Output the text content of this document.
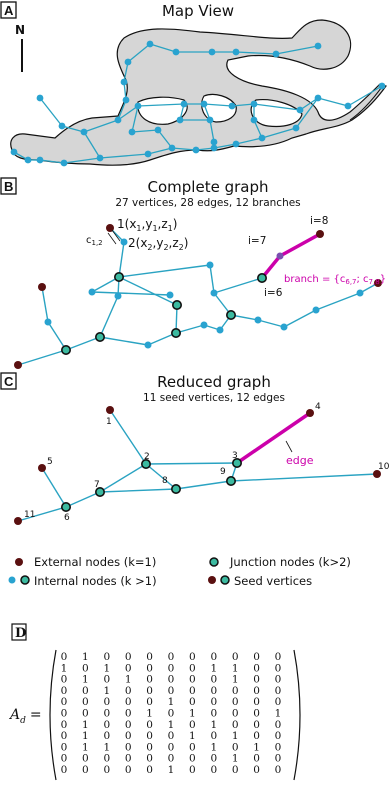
A	Map View
N
B	Complete graph
27 vertices, 28 edges, 12 branches
$1(x_1,y_1,z_1)$
$2(x_2,y_2,z_2)$
$c_{1,2}$	i=7
i=8
i=6
branch = {$c_{6,7}$; $c_{7,8}$}
C	Reduced graph
11 seed vertices, 12 edges
edge
1
2	3
4
5
6
7	8
9	10
11
External nodes (k=1)	Junction nodes (k>2)
Internal nodes (k >1)	Seed vertices
D
$A_d$ =
0 1 0 0 0 0 0 0 0 0 0
1 0 1 0 0 0 0 1 1 0 0
0 1 0 1 0 0 0 0 1 0 0
0 0 1 0 0 0 0 0 0 0 0
0 0 0 0 0 1 0 0 0 0 0
0 0 0 0 1 0 1 0 0 0 1
0 1 0 0 0 1 0 1 0 0 0
0 1 0 0 0 0 1 0 1 0 0
0 1 1 0 0 0 0 1 0 1 0
0 0 0 0 0 0 0 0 1 0 0
0 0 0 0 0 1 0 0 0 0 0
